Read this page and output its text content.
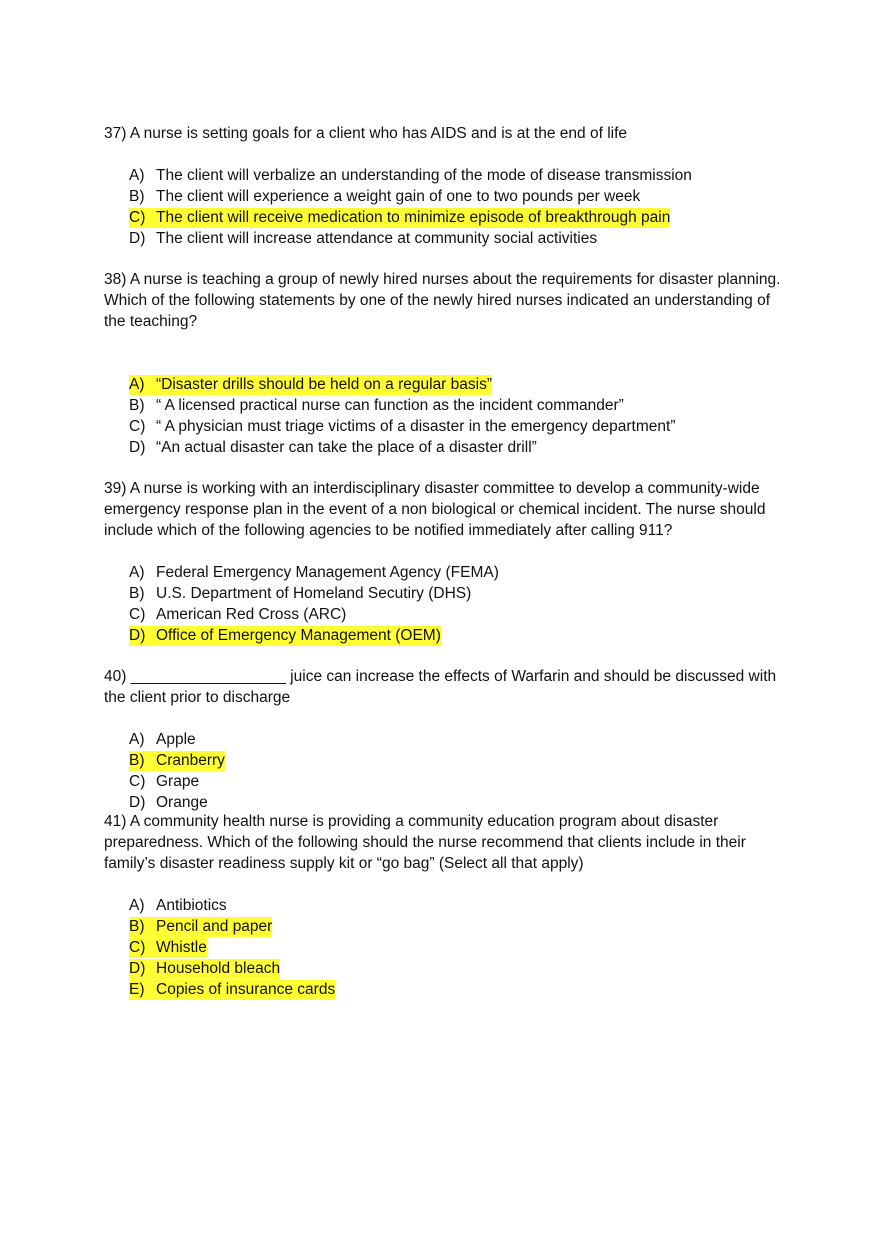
37) A nurse is setting goals for a client who has AIDS and is at the end of life

A) The client will verbalize an understanding of the mode of disease transmission
B) The client will experience a weight gain of one to two pounds per week
C) The client will receive medication to minimize episode of breakthrough pain
D) The client will increase attendance at community social activities

38) A nurse is teaching a group of newly hired nurses about the requirements for disaster planning. Which of the following statements by one of the newly hired nurses indicated an understanding of the teaching?

A) “Disaster drills should be held on a regular basis”
B) “ A licensed practical nurse can function as the incident commander”
C) “ A physician must triage victims of a disaster in the emergency department”
D) “An actual disaster can take the place of a disaster drill”

39) A nurse is working with an interdisciplinary disaster committee to develop a community-wide emergency response plan in the event of a non biological or chemical incident. The nurse should include which of the following agencies to be notified immediately after calling 911?

A) Federal Emergency Management Agency (FEMA)
B) U.S. Department of Homeland Secutiry (DHS)
C) American Red Cross (ARC)
D) Office of Emergency Management (OEM)

40) __________________ juice can increase the effects of Warfarin and should be discussed with the client prior to discharge

A) Apple
B) Cranberry
C) Grape
D) Orange

41) A community health nurse is providing a community education program about disaster preparedness. Which of the following should the nurse recommend that clients include in their family’s disaster readiness supply kit or “go bag” (Select all that apply)

A) Antibiotics
B) Pencil and paper
C) Whistle
D) Household bleach
E) Copies of insurance cards
